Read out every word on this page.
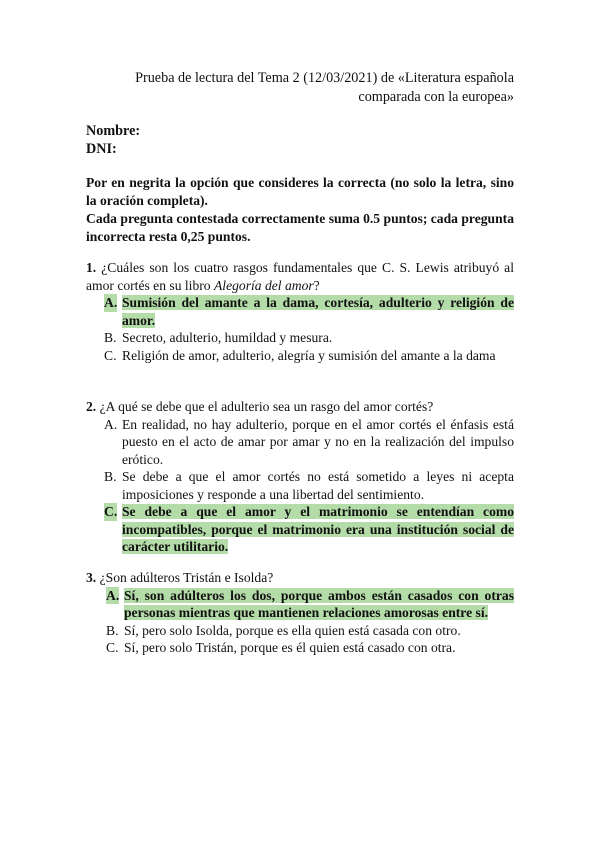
Prueba de lectura del Tema 2 (12/03/2021) de «Literatura española
comparada con la europea»
Nombre:
DNI:
Por en negrita la opción que consideres la correcta (no solo la letra, sino la oración completa).
Cada pregunta contestada correctamente suma 0.5 puntos; cada pregunta incorrecta resta 0,25 puntos.

1. ¿Cuáles son los cuatro rasgos fundamentales que C. S. Lewis atribuyó al amor cortés en su libro Alegoría del amor?

A. Sumisión del amante a la dama, cortesía, adulterio y religión de amor.
B. Secreto, adulterio, humildad y mesura.
C. Religión de amor, adulterio, alegría y sumisión del amante a la dama

2. ¿A qué se debe que el adulterio sea un rasgo del amor cortés?

A. En realidad, no hay adulterio, porque en el amor cortés el énfasis está puesto en el acto de amar por amar y no en la realización del impulso erótico.
B. Se debe a que el amor cortés no está sometido a leyes ni acepta imposiciones y responde a una libertad del sentimiento.
C. Se debe a que el amor y el matrimonio se entendían como incompatibles, porque el matrimonio era una institución social de carácter utilitario.

3. ¿Son adúlteros Tristán e Isolda?

A. Sí, son adúlteros los dos, porque ambos están casados con otras personas mientras que mantienen relaciones amorosas entre sí.
B. Sí, pero solo Isolda, porque es ella quien está casada con otro.
C. Sí, pero solo Tristán, porque es él quien está casado con otra.
